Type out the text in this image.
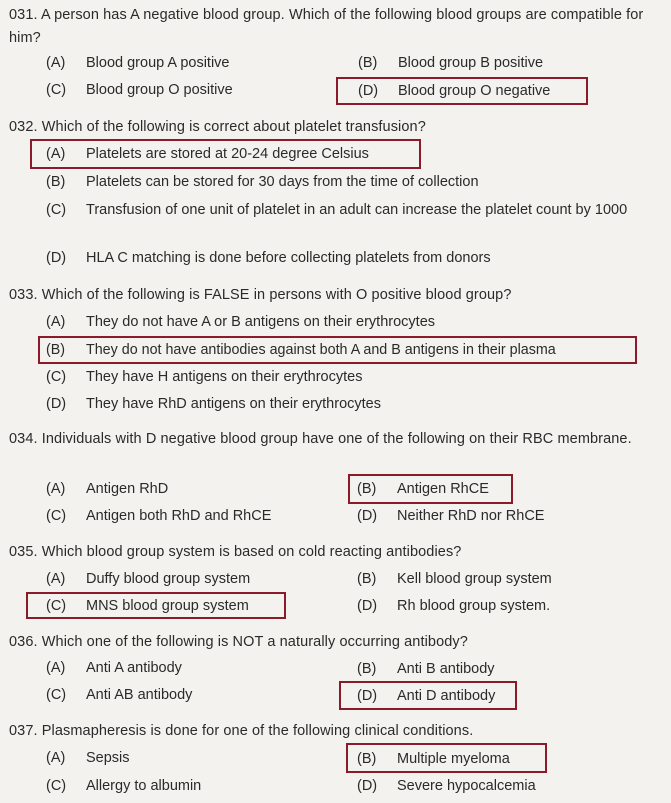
031. A person has A negative blood group. Which of the following blood groups are compatible for him?
(A) Blood group A positive	(B) Blood group B positive
(C) Blood group O positive	(D) Blood group O negative
032. Which of the following is correct about platelet transfusion?
(A) Platelets are stored at 20-24 degree Celsius
(B) Platelets can be stored for 30 days from the time of collection
(C)	Transfusion of one unit of platelet in an adult can increase the platelet count by 1000
(D) HLA C matching is done before collecting platelets from donors
033. Which of the following is FALSE in persons with O positive blood group?
(A) They do not have A or B antigens on their erythrocytes
(B) They do not have antibodies against both A and B antigens in their plasma
(C) They have H antigens on their erythrocytes
(D) They have RhD antigens on their erythrocytes
034. Individuals with D negative blood group have one of the following on their RBC membrane.
(A) Antigen RhD	(B) Antigen RhCE
(C) Antigen both RhD and RhCE	(D) Neither RhD nor RhCE
035. Which blood group system is based on cold reacting antibodies?
(A) Duffy blood group system	(B) Kell blood group system
(C) MNS blood group system	(D) Rh blood group system.
036. Which one of the following is NOT a naturally occurring antibody?
(A) Anti A antibody	(B) Anti B antibody
(C) Anti AB antibody	(D) Anti D antibody
037. Plasmapheresis is done for one of the following clinical conditions.
(A) Sepsis	(B) Multiple myeloma
(C) Allergy to albumin	(D) Severe hypocalcemia
